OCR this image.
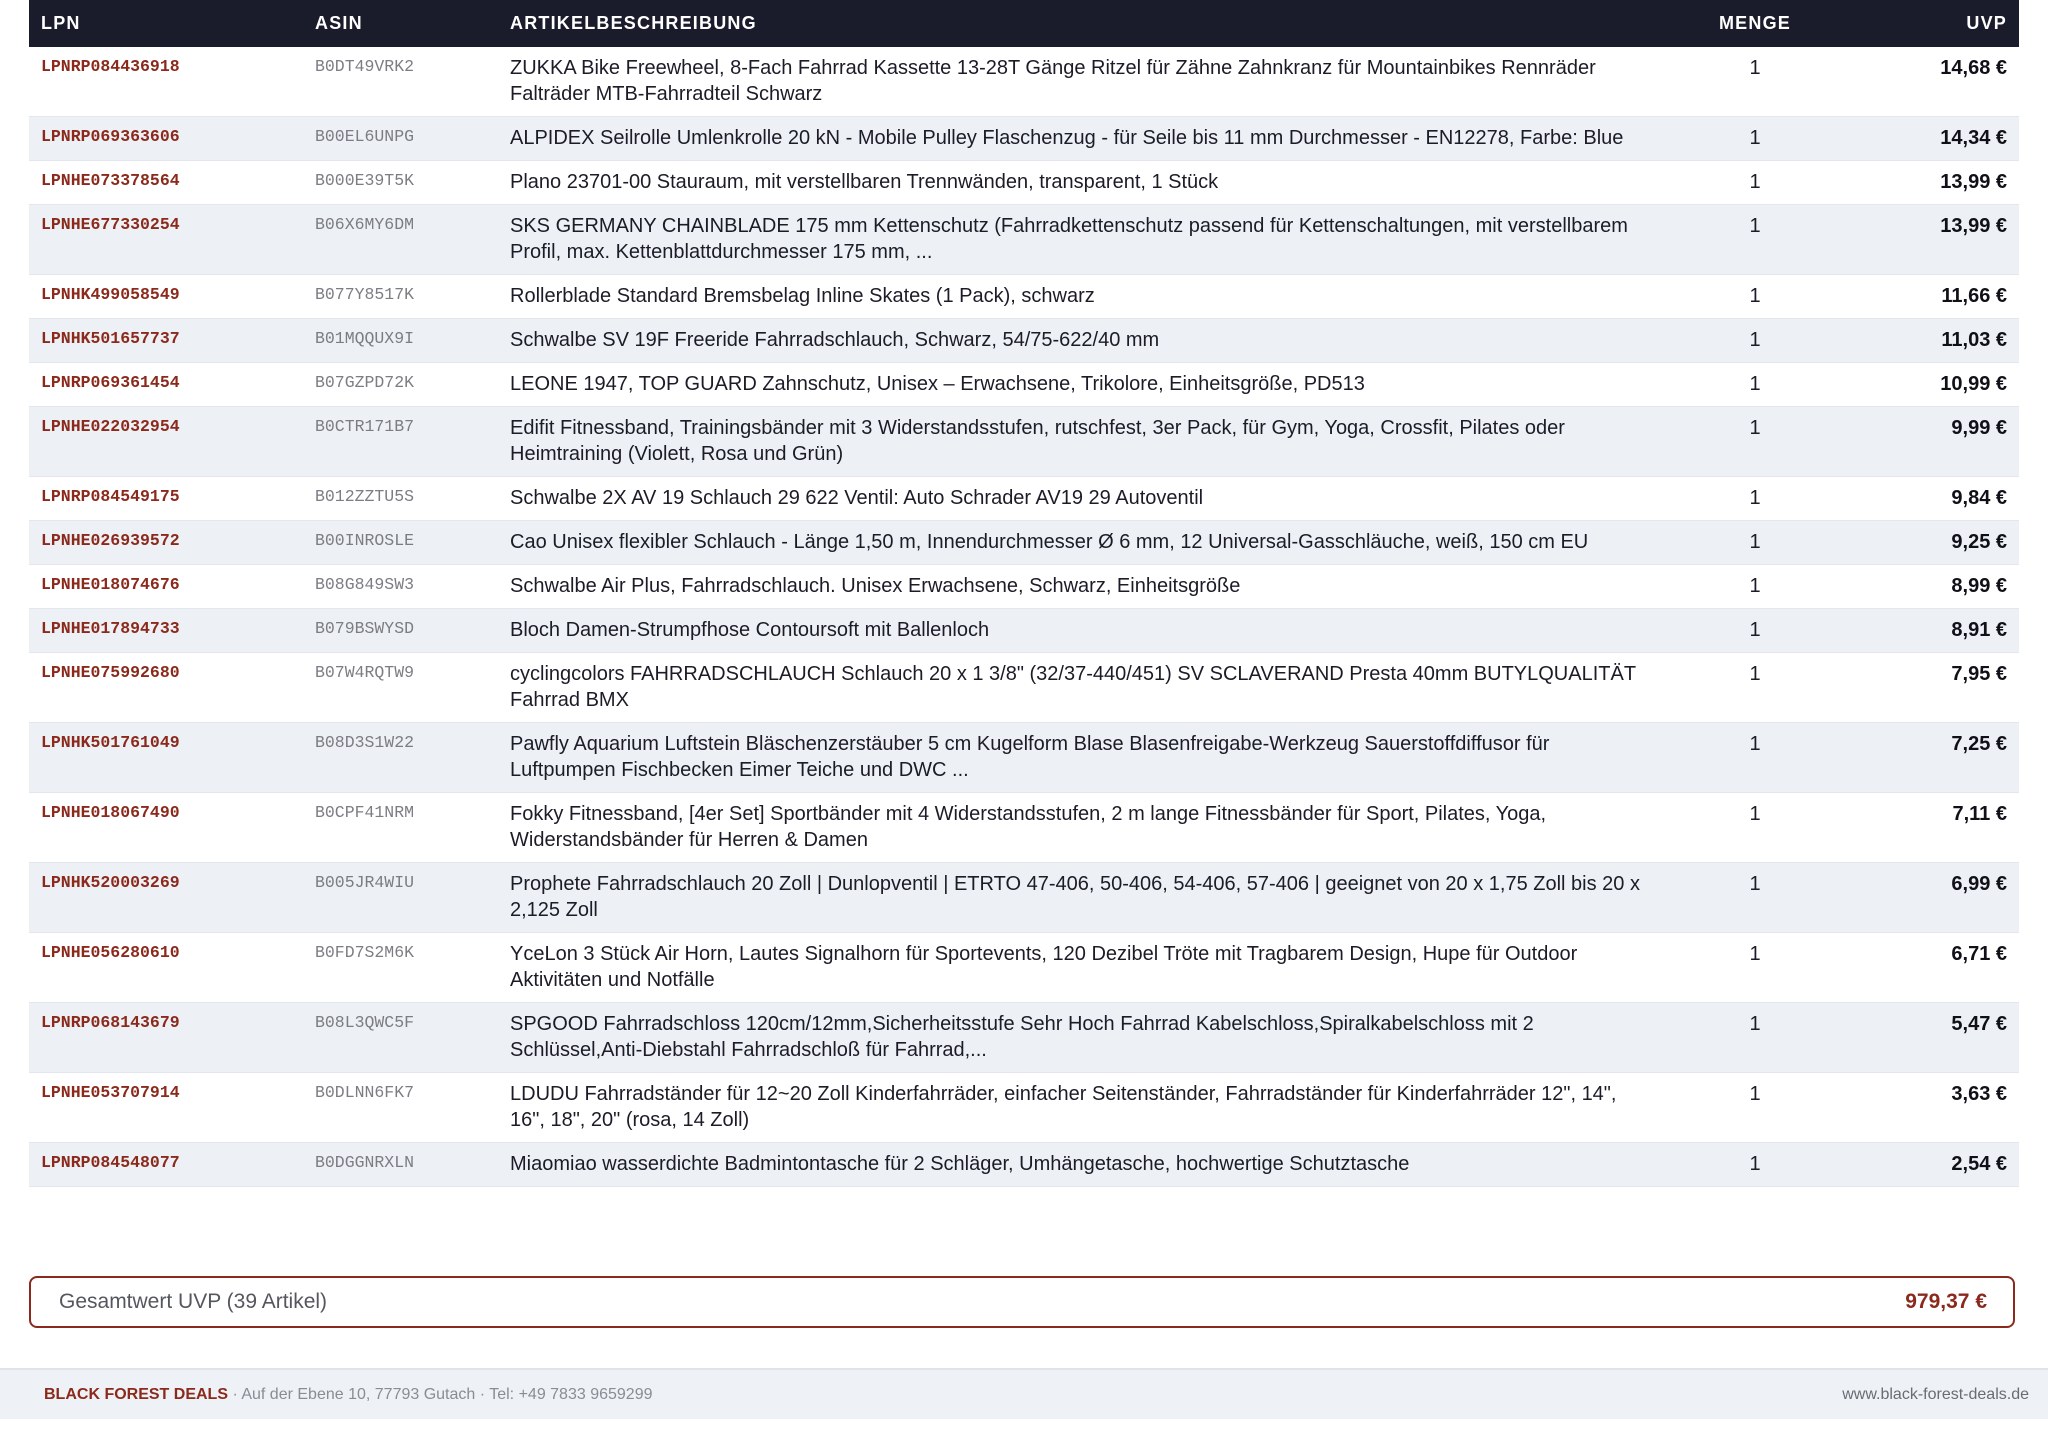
LPN	ASIN	ARTIKELBESCHREIBUNG	MENGE	UVP
LPNRP084436918	B0DT49VRK2	ZUKKA Bike Freewheel, 8-Fach Fahrrad Kassette 13-28T Gänge Ritzel für Zähne Zahnkranz für Mountainbikes Rennräder Falträder MTB-Fahrradteil Schwarz	1	14,68 €
LPNRP069363606	B00EL6UNPG	ALPIDEX Seilrolle Umlenkrolle 20 kN - Mobile Pulley Flaschenzug - für Seile bis 11 mm Durchmesser - EN12278, Farbe: Blue	1	14,34 €
LPNHE073378564	B000E39T5K	Plano 23701-00 Stauraum, mit verstellbaren Trennwänden, transparent, 1 Stück	1	13,99 €
LPNHE677330254	B06X6MY6DM	SKS GERMANY CHAINBLADE 175 mm Kettenschutz (Fahrradkettenschutz passend für Kettenschaltungen, mit verstellbarem Profil, max. Kettenblattdurchmesser 175 mm, ...	1	13,99 €
LPNHK499058549	B077Y8517K	Rollerblade Standard Bremsbelag Inline Skates (1 Pack), schwarz	1	11,66 €
LPNHK501657737	B01MQQUX9I	Schwalbe SV 19F Freeride Fahrradschlauch, Schwarz, 54/75-622/40 mm	1	11,03 €
LPNRP069361454	B07GZPD72K	LEONE 1947, TOP GUARD Zahnschutz, Unisex – Erwachsene, Trikolore, Einheitsgröße, PD513	1	10,99 €
LPNHE022032954	B0CTR171B7	Edifit Fitnessband, Trainingsbänder mit 3 Widerstandsstufen, rutschfest, 3er Pack, für Gym, Yoga, Crossfit, Pilates oder Heimtraining (Violett, Rosa und Grün)	1	9,99 €
LPNRP084549175	B012ZZTU5S	Schwalbe 2X AV 19 Schlauch 29 622 Ventil: Auto Schrader AV19 29 Autoventil	1	9,84 €
LPNHE026939572	B00INROSLE	Cao Unisex flexibler Schlauch - Länge 1,50 m, Innendurchmesser Ø 6 mm, 12 Universal-Gasschläuche, weiß, 150 cm EU	1	9,25 €
LPNHE018074676	B08G849SW3	Schwalbe Air Plus, Fahrradschlauch. Unisex Erwachsene, Schwarz, Einheitsgröße	1	8,99 €
LPNHE017894733	B079BSWYSD	Bloch Damen-Strumpfhose Contoursoft mit Ballenloch	1	8,91 €
LPNHE075992680	B07W4RQTW9	cyclingcolors FAHRRADSCHLAUCH Schlauch 20 x 1 3/8" (32/37-440/451) SV SCLAVERAND Presta 40mm BUTYLQUALITÄT Fahrrad BMX	1	7,95 €
LPNHK501761049	B08D3S1W22	Pawfly Aquarium Luftstein Bläschenzerstäuber 5 cm Kugelform Blase Blasenfreigabe-Werkzeug Sauerstoffdiffusor für Luftpumpen Fischbecken Eimer Teiche und DWC ...	1	7,25 €
LPNHE018067490	B0CPF41NRM	Fokky Fitnessband, [4er Set] Sportbänder mit 4 Widerstandsstufen, 2 m lange Fitnessbänder für Sport, Pilates, Yoga, Widerstandsbänder für Herren & Damen	1	7,11 €
LPNHK520003269	B005JR4WIU	Prophete Fahrradschlauch 20 Zoll | Dunlopventil | ETRTO 47-406, 50-406, 54-406, 57-406 | geeignet von 20 x 1,75 Zoll bis 20 x 2,125 Zoll	1	6,99 €
LPNHE056280610	B0FD7S2M6K	YceLon 3 Stück Air Horn, Lautes Signalhorn für Sportevents, 120 Dezibel Tröte mit Tragbarem Design, Hupe für Outdoor Aktivitäten und Notfälle	1	6,71 €
LPNRP068143679	B08L3QWC5F	SPGOOD Fahrradschloss 120cm/12mm,Sicherheitsstufe Sehr Hoch Fahrrad Kabelschloss,Spiralkabelschloss mit 2 Schlüssel,Anti-Diebstahl Fahrradschloß für Fahrrad,...	1	5,47 €
LPNHE053707914	B0DLNN6FK7	LDUDU Fahrradständer für 12~20 Zoll Kinderfahrräder, einfacher Seitenständer, Fahrradständer für Kinderfahrräder 12", 14", 16", 18", 20" (rosa, 14 Zoll)	1	3,63 €
LPNRP084548077	B0DGGNRXLN	Miaomiao wasserdichte Badmintontasche für 2 Schläger, Umhängetasche, hochwertige Schutztasche	1	2,54 €
Gesamtwert UVP (39 Artikel)	979,37 €
BLACK FOREST DEALS · Auf der Ebene 10, 77793 Gutach · Tel: +49 7833 9659299	www.black-forest-deals.de
